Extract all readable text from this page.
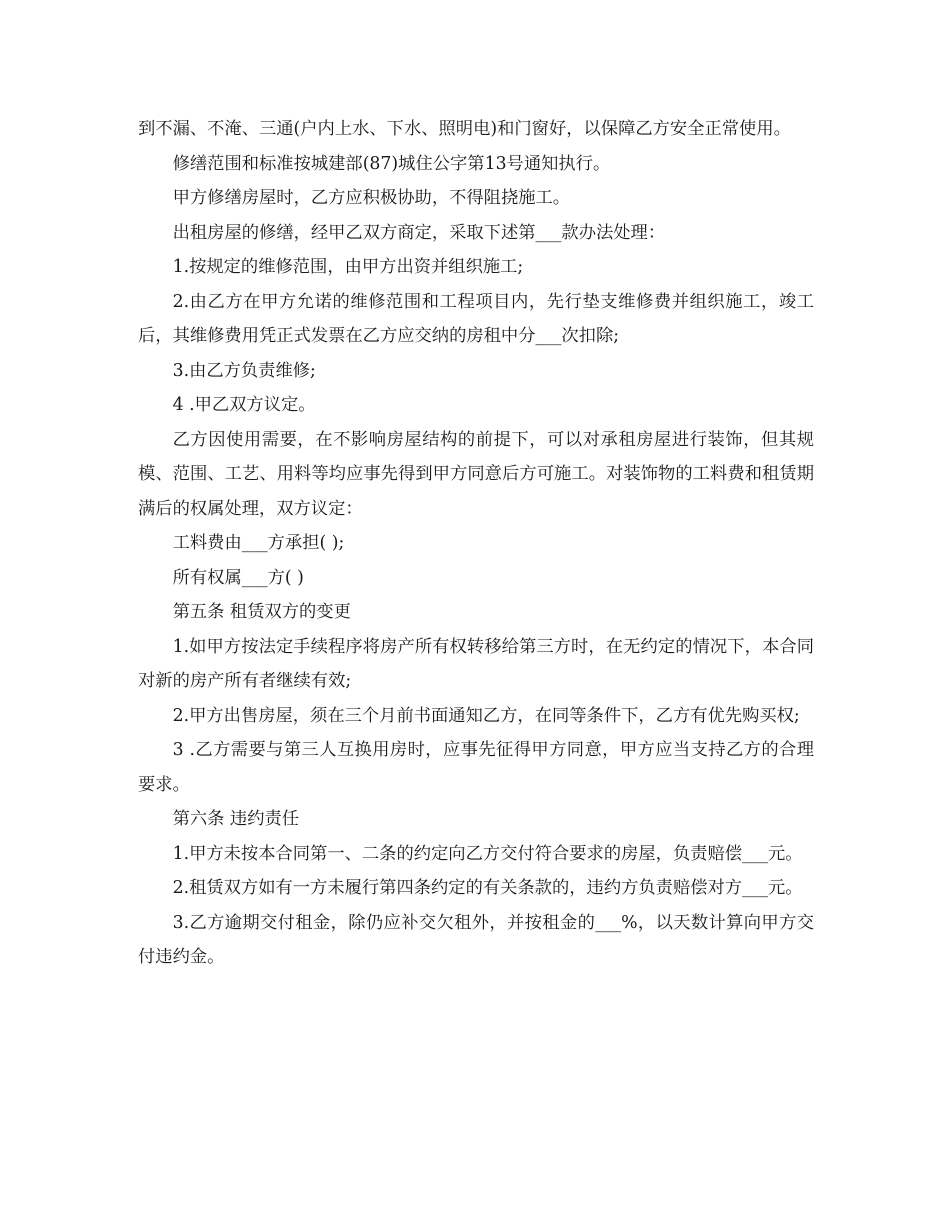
到不漏、不淹、三通(户内上水、下水、照明电)和门窗好，以保障乙方安全正常使用。

修缮范围和标准按城建部(87)城住公字第13号通知执行。

甲方修缮房屋时，乙方应积极协助，不得阻挠施工。

出租房屋的修缮，经甲乙双方商定，采取下述第___款办法处理：

1.按规定的维修范围，由甲方出资并组织施工;

2.由乙方在甲方允诺的维修范围和工程项目内，先行垫支维修费并组织施工，竣工后，其维修费用凭正式发票在乙方应交纳的房租中分___次扣除;

3.由乙方负责维修;

4 .甲乙双方议定。

乙方因使用需要，在不影响房屋结构的前提下，可以对承租房屋进行装饰，但其规模、范围、工艺、用料等均应事先得到甲方同意后方可施工。对装饰物的工料费和租赁期满后的权属处理，双方议定：

工料费由___方承担( );

所有权属___方( )

第五条 租赁双方的变更

1.如甲方按法定手续程序将房产所有权转移给第三方时，在无约定的情况下，本合同对新的房产所有者继续有效;

2.甲方出售房屋，须在三个月前书面通知乙方，在同等条件下，乙方有优先购买权;

3 .乙方需要与第三人互换用房时，应事先征得甲方同意，甲方应当支持乙方的合理要求。

第六条 违约责任

1.甲方未按本合同第一、二条的约定向乙方交付符合要求的房屋，负责赔偿___元。

2.租赁双方如有一方未履行第四条约定的有关条款的，违约方负责赔偿对方___元。

3.乙方逾期交付租金，除仍应补交欠租外，并按租金的___%，以天数计算向甲方交付违约金。
